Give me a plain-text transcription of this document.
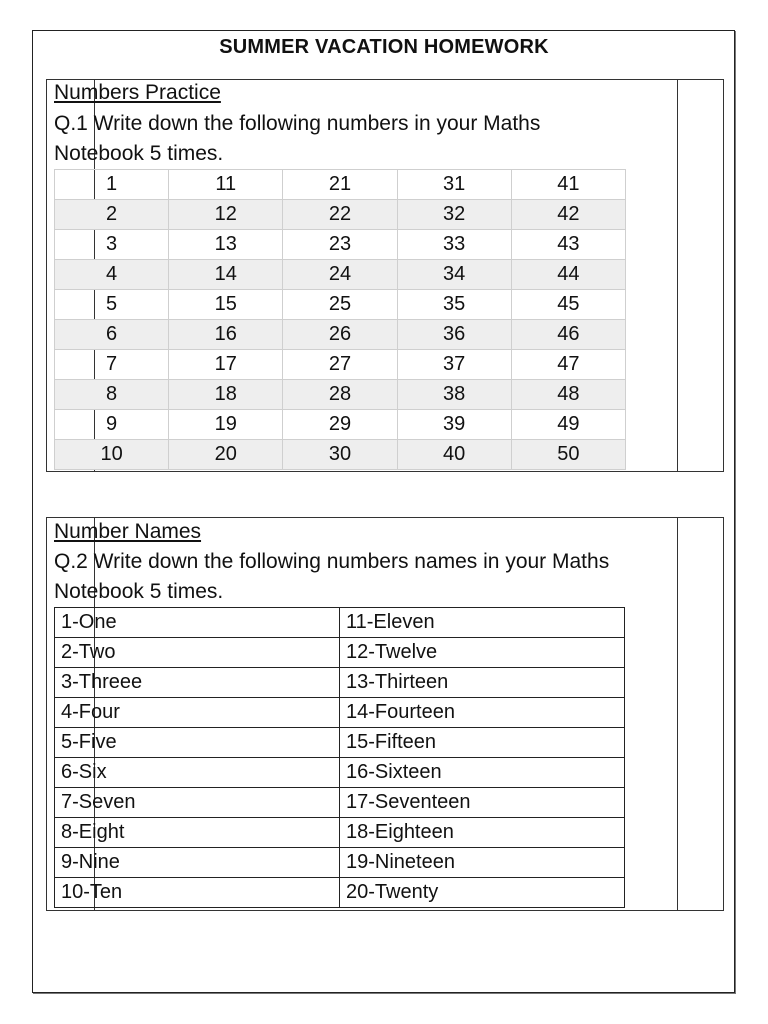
SUMMER VACATION HOMEWORK
Numbers Practice
Q.1 Write down the following numbers in your Maths Notebook 5 times.
1	11	21	31	41
2	12	22	32	42
3	13	23	33	43
4	14	24	34	44
5	15	25	35	45
6	16	26	36	46
7	17	27	37	47
8	18	28	38	48
9	19	29	39	49
10	20	30	40	50
Number Names
Q.2 Write down the following numbers names in your Maths Notebook 5 times.
1-One	11-Eleven
2-Two	12-Twelve
3-Threee	13-Thirteen
4-Four	14-Fourteen
5-Five	15-Fifteen
6-Six	16-Sixteen
7-Seven	17-Seventeen
8-Eight	18-Eighteen
9-Nine	19-Nineteen
10-Ten	20-Twenty
